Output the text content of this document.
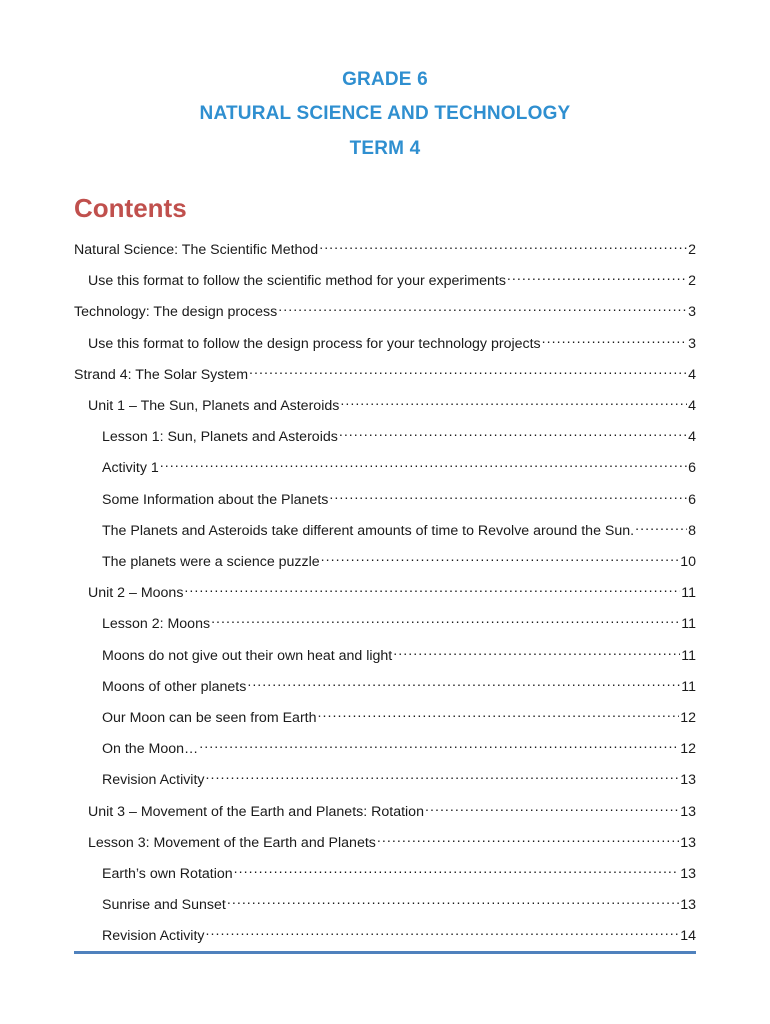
GRADE 6
NATURAL SCIENCE AND TECHNOLOGY
TERM 4
Contents
Natural Science: The Scientific Method .....	2
Use this format to follow the scientific method for your experiments .....	2
Technology: The design process .....	3
Use this format to follow the design process for your technology projects .....	3
Strand 4: The Solar System .....	4
Unit 1 – The Sun, Planets and Asteroids .....	4
Lesson 1: Sun, Planets and Asteroids .....	4
Activity 1 .....	6
Some Information about the Planets .....	6
The Planets and Asteroids take different amounts of time to Revolve around the Sun. .....	8
The planets were a science puzzle .....	10
Unit 2 – Moons .....	11
Lesson 2: Moons .....	11
Moons do not give out their own heat and light .....	11
Moons of other planets .....	11
Our Moon can be seen from Earth .....	12
On the Moon… .....	12
Revision Activity .....	13
Unit 3 – Movement of the Earth and Planets: Rotation .....	13
Lesson 3: Movement of the Earth and Planets .....	13
Earth’s own Rotation .....	13
Sunrise and Sunset .....	13
Revision Activity .....	14
